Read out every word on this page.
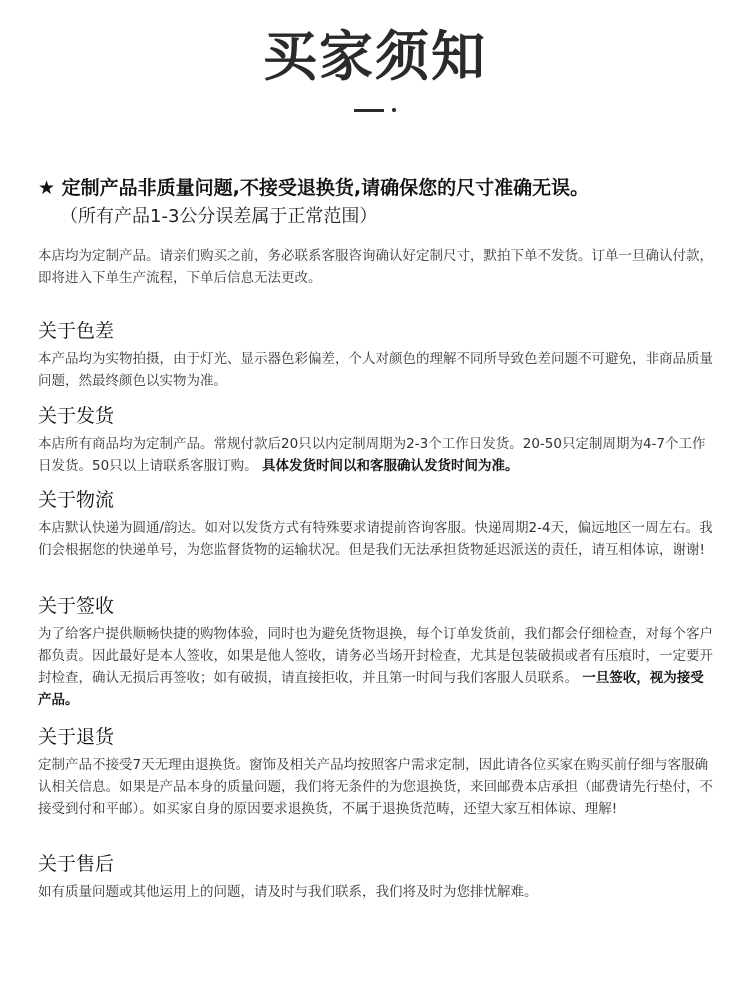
买家须知
★ 定制产品非质量问题,不接受退换货,请确保您的尺寸准确无误。
（所有产品1-3公分误差属于正常范围）
本店均为定制产品。请亲们购买之前，务必联系客服咨询确认好定制尺寸，默拍下单不发货。订单一旦确认付款，即将进入下单生产流程，下单后信息无法更改。
关于色差

本产品均为实物拍摄，由于灯光、显示器色彩偏差，个人对颜色的理解不同所导致色差问题不可避免，非商品质量问题，然最终颜色以实物为准。

关于发货

本店所有商品均为定制产品。常规付款后20只以内定制周期为2-3个工作日发货。20-50只定制周期为4-7个工作日发货。50只以上请联系客服订购。 具体发货时间以和客服确认发货时间为准。

关于物流

本店默认快递为圆通/韵达。如对以发货方式有特殊要求请提前咨询客服。快递周期2-4天，偏远地区一周左右。我们会根据您的快递单号，为您监督货物的运输状况。但是我们无法承担货物延迟派送的责任，请互相体谅，谢谢!

关于签收

为了给客户提供顺畅快捷的购物体验，同时也为避免货物退换，每个订单发货前，我们都会仔细检查，对每个客户都负责。因此最好是本人签收，如果是他人签收，请务必当场开封检查，尤其是包装破损或者有压痕时，一定要开封检查，确认无损后再签收；如有破损，请直接拒收，并且第一时间与我们客服人员联系。 一旦签收，视为接受产品。

关于退货

定制产品不接受7天无理由退换货。窗饰及相关产品均按照客户需求定制，因此请各位买家在购买前仔细与客服确认相关信息。如果是产品本身的质量问题，我们将无条件的为您退换货，来回邮费本店承担（邮费请先行垫付，不接受到付和平邮）。如买家自身的原因要求退换货，不属于退换货范畴，还望大家互相体谅、理解!

关于售后

如有质量问题或其他运用上的问题，请及时与我们联系，我们将及时为您排忧解难。
